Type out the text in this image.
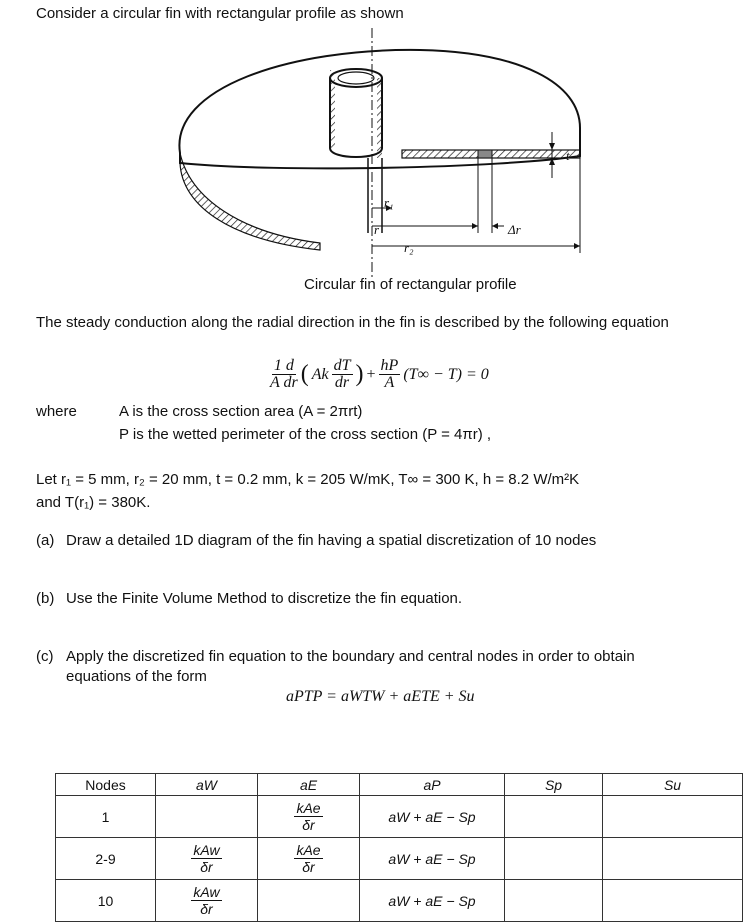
Consider a circular fin with rectangular profile as shown
r₁
r	Δr
r₂
t
Circular fin of rectangular profile
The steady conduction along the radial direction in the fin is described by the following equation
$\frac{1 d}{\text{A dr}}$ ( Ak $\frac{dT}{dr}$ ) + $\frac{hP}{A} (T\infty - T) = 0$
where	A is the cross section area (A = 2πrt)
P is the wetted perimeter of the cross section (P = 4πr) ,
Let r₁ = 5 mm, r₂ = 20 mm, t = 0.2 mm, k = 205 W/mK, T∞ = 300 K, h = 8.2 W/m²K
and T(r₁) = 380K.
(a) Draw a detailed 1D diagram of the fin having a spatial discretization of 10 nodes
(b) Use the Finite Volume Method to discretize the fin equation.
(c) Apply the discretized fin equation to the boundary and central nodes in order to obtain
equations of the form
aPTP = aWTW + aETE + Su
Nodes	aW	aE	aP	Sp	Su
1		$\frac{\text{kAe}}{\delta r}$	aW + aE − Sp		
2-9	$\frac{\text{kAw}}{\delta r}$	$\frac{\text{kAe}}{\delta r}$	aW + aE − Sp		
10	$\frac{\text{kAw}}{\delta r}$		aW + aE − Sp		
